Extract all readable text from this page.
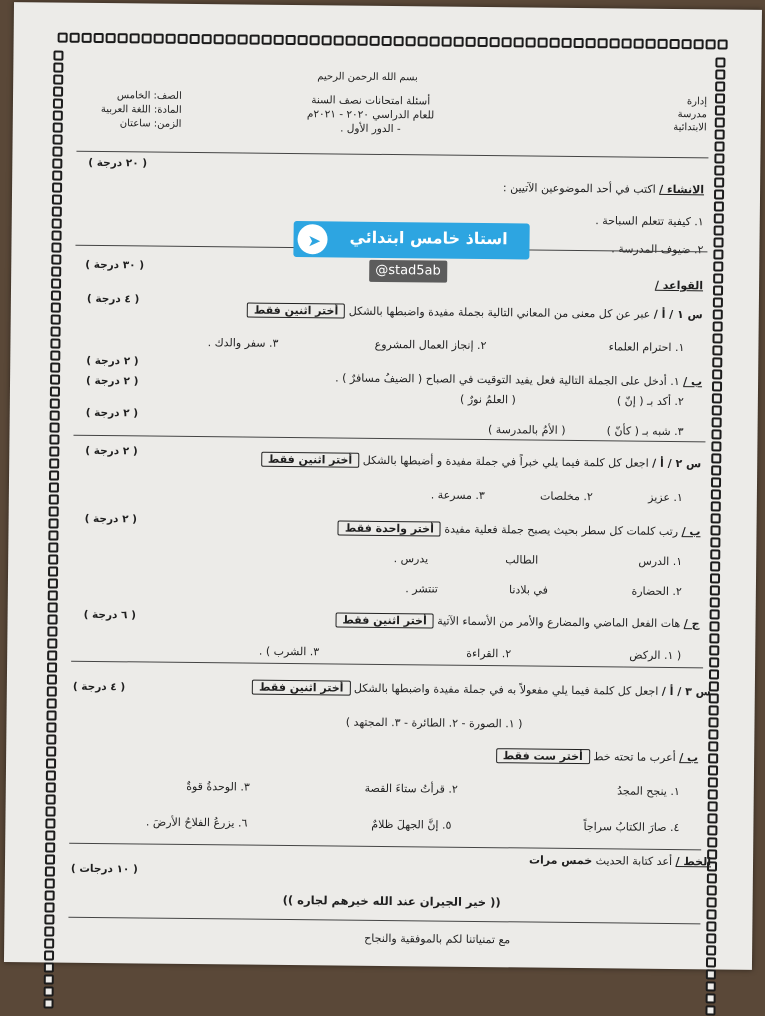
بسم الله الرحمن الرحيم
إدارة
مدرسة
الابتدائية
أسئلة امتحانات نصف السنة
للعام الدراسي ٢٠٢٠ - ٢٠٢١م
- الدور الأول .
الصف: الخامس
المادة: اللغة العربية
الزمن: ساعتان
الانشاء / اكتب في أحد الموضوعين الآتيين :
( ٢٠ درجة )
١. كيفية تتعلم السباحة .
٢. ضيوف المدرسة .
( ٣٠ درجة )
القواعد /
س ١ / أ / عبر عن كل معنى من المعاني التالية بجملة مفيدة واضبطها بالشكل أختر اثنين فقط
( ٤ درجة )
١. احترام العلماء
٢. إنجاز العمال المشروع
٣. سفر والدك .
ب / ١. أدخل على الجملة التالية فعل يفيد التوقيت في الصباح ( الضيفُ مسافرٌ ) .
٢. أكد بـ ( إنّ )
( العلمُ نورٌ )
٣. شبه بـ ( كأنّ )
( الأمُ بالمدرسة )
( ٢ درجة )
( ٢ درجة )
( ٢ درجة )
( ٢ درجة )
س ٢ / أ / اجعل كل كلمة فيما يلي خبراً في جملة مفيدة و أضبطها بالشكل أختر اثنين فقط
١. عزيز
٢. مخلصات
٣. مسرعة .
ب / رتب كلمات كل سطر بحيث يصبح جملة فعلية مفيدة أختر واحدة فقط
( ٢ درجة )
١. الدرس
الطالب
يدرس .
٢. الحضارة
في بلادنا
تنتشر .
ج / هات الفعل الماضي والمضارع والأمر من الأسماء الآتية أختر اثنين فقط
( ٦ درجة )
( ١. الركض
٢. القراءة
٣. الشرب ) .
س ٣ / أ / اجعل كل كلمة فيما يلي مفعولاً به في جملة مفيدة واضبطها بالشكل أختر اثنين فقط
( ٤ درجة )
( ١. الصورة - ٢. الطائرة - ٣. المجتهد )
ب / أعرب ما تحته خط أختر ست فقط
١. ينجح المجدُ
٢. قرأتُ ستاءَ القصة
٣. الوحدةُ قوةٌ
٤. صارَ الكتابُ سراجاً
٥. إنَّ الجهلَ ظلامٌ
٦. يزرعُ الفلاحُ الأرضَ .
الخط / أعد كتابة الحديث خمس مرات
( ١٠ درجات )
(( خير الجيران عند الله خيرهم لجاره ))
مع تمنياتنا لكم بالموفقية والنجاح
➤	استاذ خامس ابتدائي
@stad5ab
